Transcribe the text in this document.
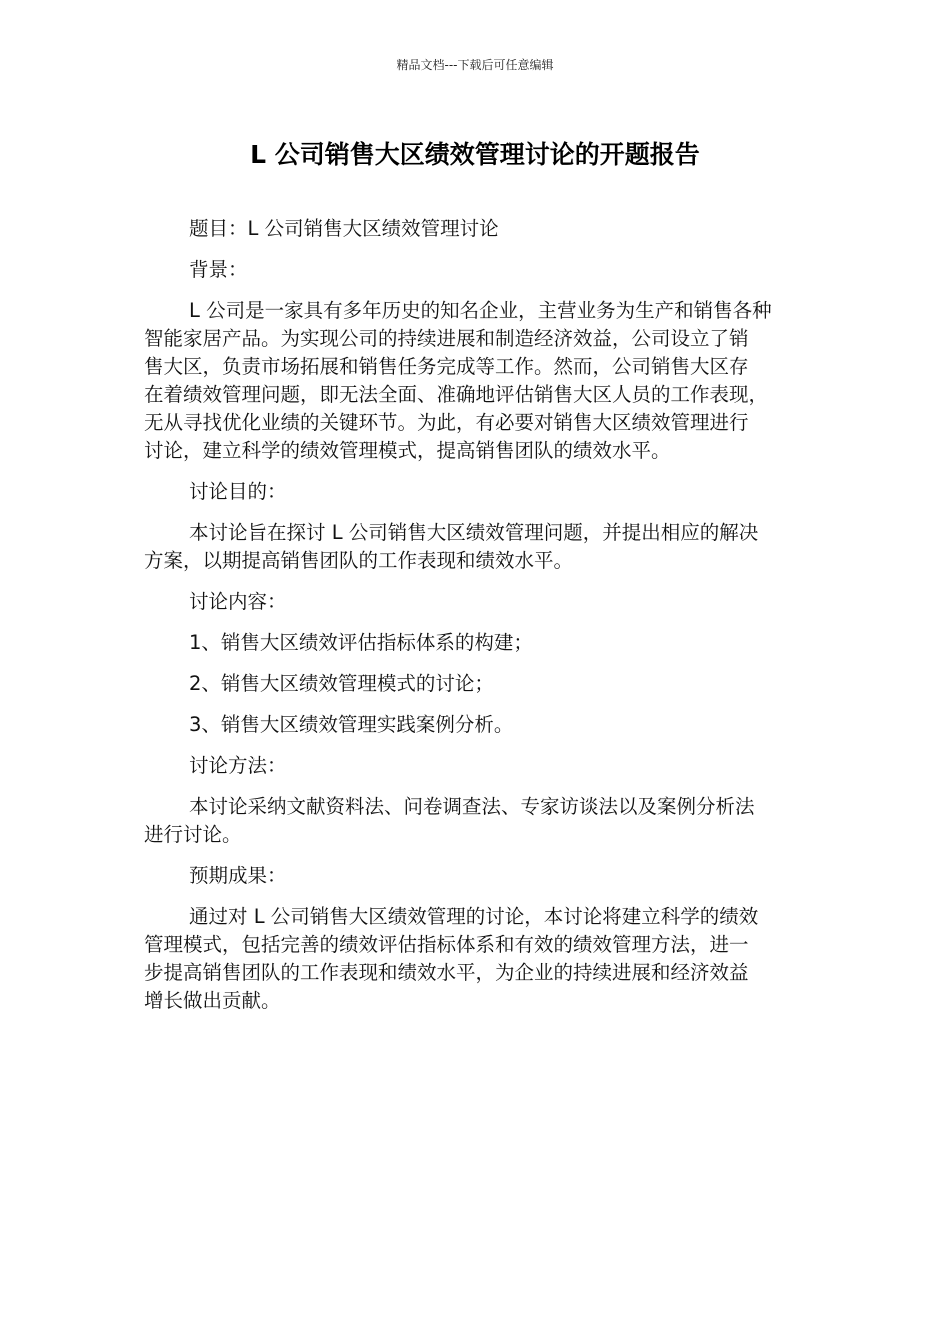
精品文档---下载后可任意编辑
L 公司销售大区绩效管理讨论的开题报告

题目：L 公司销售大区绩效管理讨论

背景：

L 公司是一家具有多年历史的知名企业，主营业务为生产和销售各种
智能家居产品。为实现公司的持续进展和制造经济效益，公司设立了销
售大区，负责市场拓展和销售任务完成等工作。然而，公司销售大区存
在着绩效管理问题，即无法全面、准确地评估销售大区人员的工作表现，
无从寻找优化业绩的关键环节。为此，有必要对销售大区绩效管理进行
讨论，建立科学的绩效管理模式，提高销售团队的绩效水平。

讨论目的：

本讨论旨在探讨 L 公司销售大区绩效管理问题，并提出相应的解决
方案，以期提高销售团队的工作表现和绩效水平。

讨论内容：

1、销售大区绩效评估指标体系的构建；

2、销售大区绩效管理模式的讨论；

3、销售大区绩效管理实践案例分析。

讨论方法：

本讨论采纳文献资料法、问卷调查法、专家访谈法以及案例分析法
进行讨论。

预期成果：

通过对 L 公司销售大区绩效管理的讨论，本讨论将建立科学的绩效
管理模式，包括完善的绩效评估指标体系和有效的绩效管理方法，进一
步提高销售团队的工作表现和绩效水平，为企业的持续进展和经济效益
增长做出贡献。
